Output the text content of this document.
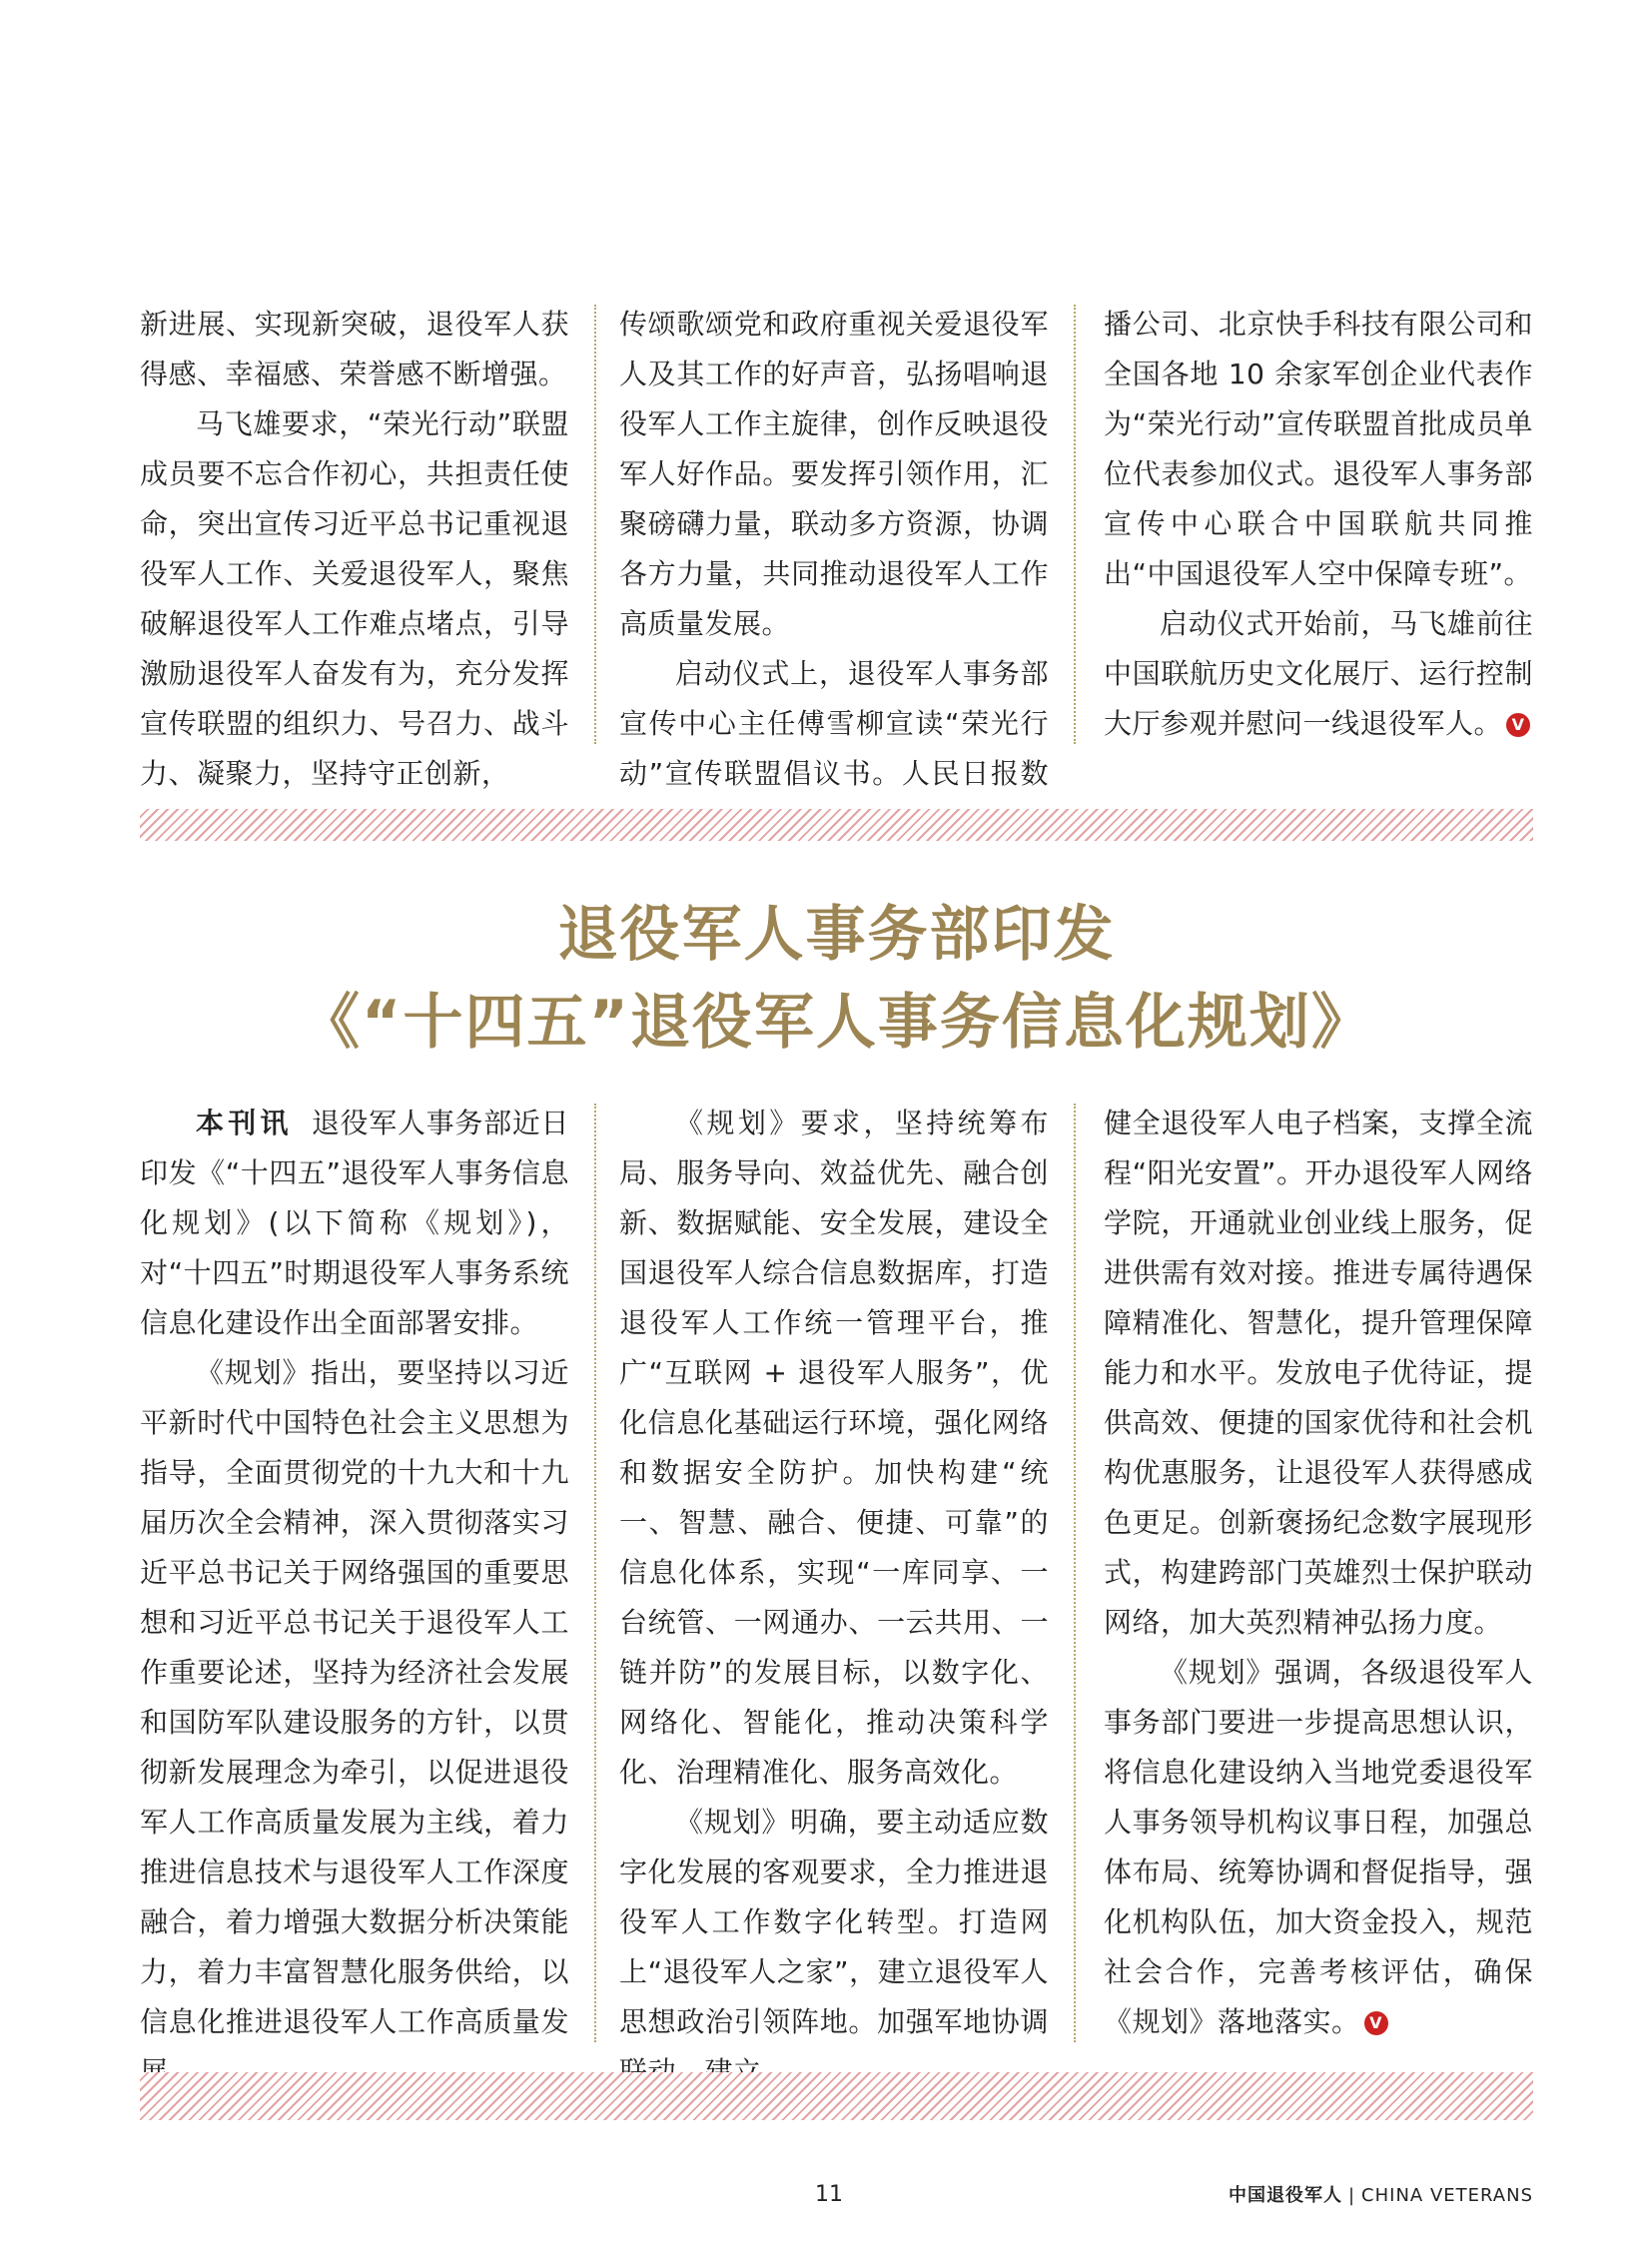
新进展、实现新突破，退役军人获得感、幸福感、荣誉感不断增强。

马飞雄要求，“荣光行动”联盟成员要不忘合作初心，共担责任使命，突出宣传习近平总书记重视退役军人工作、关爱退役军人，聚焦破解退役军人工作难点堵点，引导激励退役军人奋发有为，充分发挥宣传联盟的组织力、号召力、战斗力、凝聚力，坚持守正创新，

传颂歌颂党和政府重视关爱退役军人及其工作的好声音，弘扬唱响退役军人工作主旋律，创作反映退役军人好作品。要发挥引领作用，汇聚磅礴力量，联动多方资源，协调各方力量，共同推动退役军人工作高质量发展。

启动仪式上，退役军人事务部宣传中心主任傅雪柳宣读“荣光行动”宣传联盟倡议书。人民日报数

播公司、北京快手科技有限公司和全国各地 10 余家军创企业代表作为“荣光行动”宣传联盟首批成员单位代表参加仪式。退役军人事务部宣传中心联合中国联航共同推出“中国退役军人空中保障专班”。

启动仪式开始前，马飞雄前往中国联航历史文化展厅、运行控制大厅参观并慰问一线退役军人。 V

退役军人事务部印发
《“十四五”退役军人事务信息化规划》

本刊讯 退役军人事务部近日印发《“十四五”退役军人事务信息化规划》(以下简称《规划》)，对“十四五”时期退役军人事务系统信息化建设作出全面部署安排。

《规划》指出，要坚持以习近平新时代中国特色社会主义思想为指导，全面贯彻党的十九大和十九届历次全会精神，深入贯彻落实习近平总书记关于网络强国的重要思想和习近平总书记关于退役军人工作重要论述，坚持为经济社会发展和国防军队建设服务的方针，以贯彻新发展理念为牵引，以促进退役军人工作高质量发展为主线，着力推进信息技术与退役军人工作深度融合，着力增强大数据分析决策能力，着力丰富智慧化服务供给，以信息化推进退役军人工作高质量发

《规划》要求，坚持统筹布局、服务导向、效益优先、融合创新、数据赋能、安全发展，建设全国退役军人综合信息数据库，打造退役军人工作统一管理平台，推广“互联网 + 退役军人服务”，优化信息化基础运行环境，强化网络和数据安全防护。加快构建“统一、智慧、融合、便捷、可靠”的信息化体系，实现“一库同享、一台统管、一网通办、一云共用、一链并防”的发展目标，以数字化、网络化、智能化，推动决策科学化、治理精准化、服务高效化。

《规划》明确，要主动适应数字化发展的客观要求，全力推进退役军人工作数字化转型。打造网上“退役军人之家”，建立退役军人思想政治引领阵地。加强军地协调

健全退役军人电子档案，支撑全流程“阳光安置”。开办退役军人网络学院，开通就业创业线上服务，促进供需有效对接。推进专属待遇保障精准化、智慧化，提升管理保障能力和水平。发放电子优待证，提供高效、便捷的国家优待和社会机构优惠服务，让退役军人获得感成色更足。创新褒扬纪念数字展现形式，构建跨部门英雄烈士保护联动网络，加大英烈精神弘扬力度。

《规划》强调，各级退役军人事务部门要进一步提高思想认识，将信息化建设纳入当地党委退役军人事务领导机构议事日程，加强总体布局、统筹协调和督促指导，强化机构队伍，加大资金投入，规范社会合作，完善考核评估，确保《规划》落地落实。 V

11	中国退役军人 | CHINA VETERANS
